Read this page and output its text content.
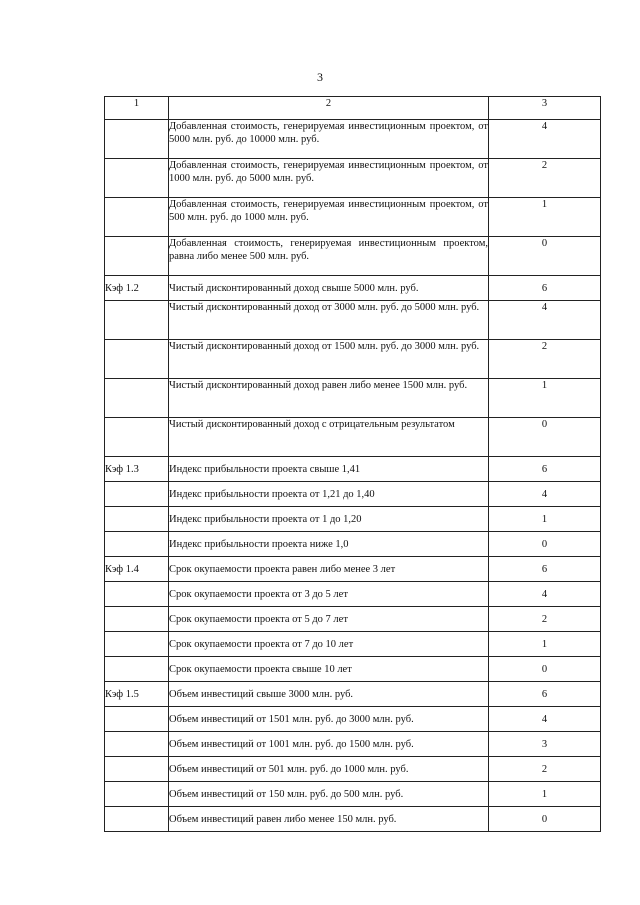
3
1	2	3
	Добавленная стоимость, генерируемая инвестиционным проектом, от 5000 млн. руб. до 10000 млн. руб.	4
	Добавленная стоимость, генерируемая инвестиционным проектом, от 1000 млн. руб. до 5000 млн. руб.	2
	Добавленная стоимость, генерируемая инвестиционным проектом, от 500 млн. руб. до 1000 млн. руб.	1
	Добавленная стоимость, генерируемая инвестиционным проектом, равна либо менее 500 млн. руб.	0
Кэф 1.2	Чистый дисконтированный доход свыше 5000 млн. руб.	6
	Чистый дисконтированный доход от 3000 млн. руб. до 5000 млн. руб.	4
	Чистый дисконтированный доход от 1500 млн. руб. до 3000 млн. руб.	2
	Чистый дисконтированный доход равен либо менее 1500 млн. руб.	1
	Чистый дисконтированный доход с отрицательным результатом	0
Кэф 1.3	Индекс прибыльности проекта свыше 1,41	6
	Индекс прибыльности проекта от 1,21 до 1,40	4
	Индекс прибыльности проекта от 1 до 1,20	1
	Индекс прибыльности проекта ниже 1,0	0
Кэф 1.4	Срок окупаемости проекта равен либо менее 3 лет	6
	Срок окупаемости проекта от 3 до 5 лет	4
	Срок окупаемости проекта от 5 до 7 лет	2
	Срок окупаемости проекта от 7 до 10 лет	1
	Срок окупаемости проекта свыше 10 лет	0
Кэф 1.5	Объем инвестиций свыше 3000 млн. руб.	6
	Объем инвестиций от 1501 млн. руб. до 3000 млн. руб.	4
	Объем инвестиций от 1001 млн. руб. до 1500 млн. руб.	3
	Объем инвестиций от 501 млн. руб. до 1000 млн. руб.	2
	Объем инвестиций от 150 млн. руб. до 500 млн. руб.	1
	Объем инвестиций равен либо менее 150 млн. руб.	0
